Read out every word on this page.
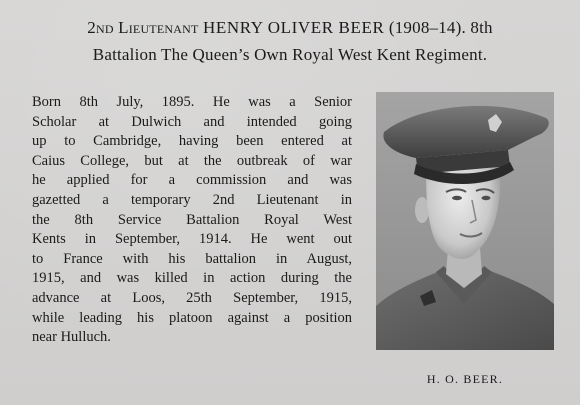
2nd Lieutenant HENRY OLIVER BEER (1908–14). 8th
Battalion The Queen’s Own Royal West Kent Regiment.
Born 8th July, 1895. He was a Senior
Scholar at Dulwich and intended going
up to Cambridge, having been entered at
Caius College, but at the outbreak of war
he applied for a commission and was
gazetted a temporary 2nd Lieutenant in
the 8th Service Battalion Royal West
Kents in September, 1914. He went out
to France with his battalion in August,
1915, and was killed in action during the
advance at Loos, 25th September, 1915,
while leading his platoon against a position
near Hulluch.
H. O. BEER.
